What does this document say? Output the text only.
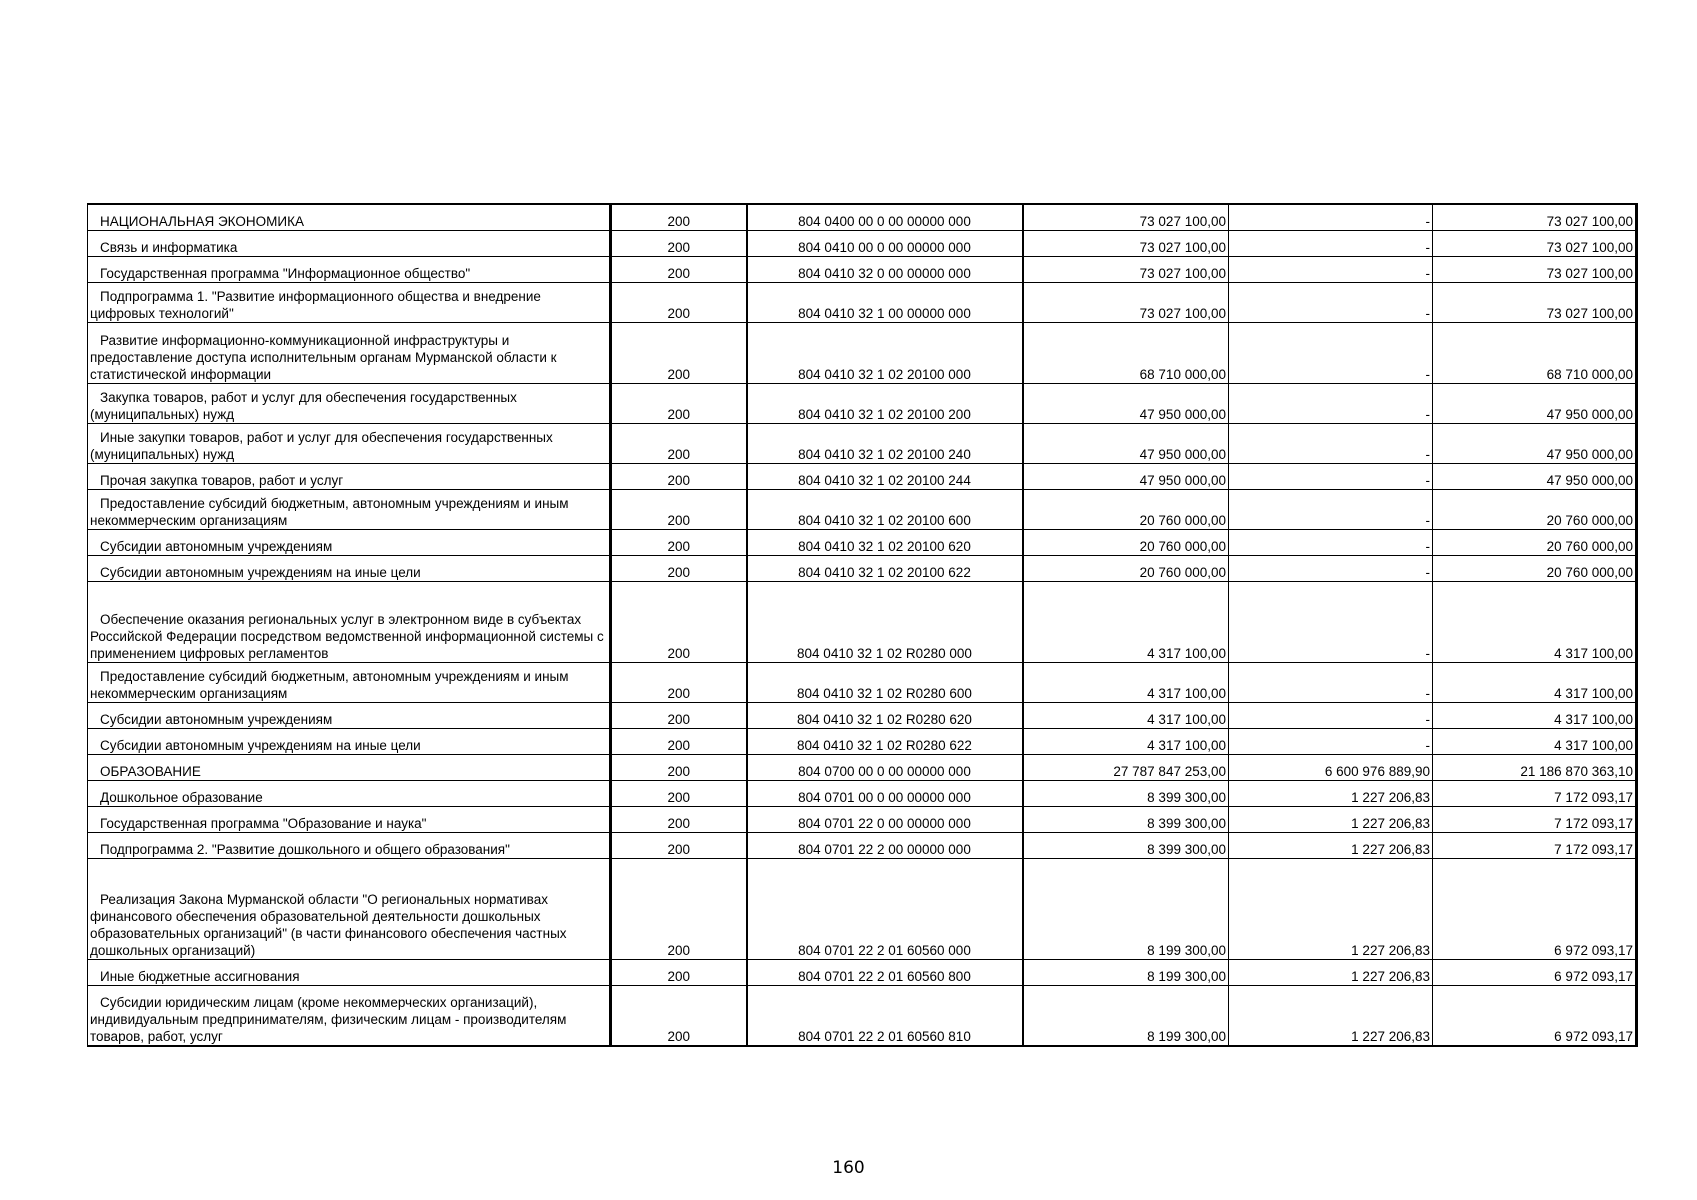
НАЦИОНАЛЬНАЯ ЭКОНОМИКА	200	804 0400 00 0 00 00000 000	73 027 100,00	-	73 027 100,00

Связь и информатика	200	804 0410 00 0 00 00000 000	73 027 100,00	-	73 027 100,00

Государственная программа "Информационное общество"	200	804 0410 32 0 00 00000 000	73 027 100,00	-	73 027 100,00

Подпрограмма 1. "Развитие информационного общества и внедрение цифровых технологий"	200	804 0410 32 1 00 00000 000	73 027 100,00	-	73 027 100,00

Развитие информационно-коммуникационной инфраструктуры и предоставление доступа исполнительным органам Мурманской области к статистической информации	200	804 0410 32 1 02 20100 000	68 710 000,00	-	68 710 000,00

Закупка товаров, работ и услуг для обеспечения государственных (муниципальных) нужд	200	804 0410 32 1 02 20100 200	47 950 000,00	-	47 950 000,00

Иные закупки товаров, работ и услуг для обеспечения государственных (муниципальных) нужд	200	804 0410 32 1 02 20100 240	47 950 000,00	-	47 950 000,00

Прочая закупка товаров, работ и услуг	200	804 0410 32 1 02 20100 244	47 950 000,00	-	47 950 000,00

Предоставление субсидий бюджетным, автономным учреждениям и иным некоммерческим организациям	200	804 0410 32 1 02 20100 600	20 760 000,00	-	20 760 000,00

Субсидии автономным учреждениям	200	804 0410 32 1 02 20100 620	20 760 000,00	-	20 760 000,00

Субсидии автономным учреждениям на иные цели	200	804 0410 32 1 02 20100 622	20 760 000,00	-	20 760 000,00

Обеспечение оказания региональных услуг в электронном виде в субъектах Российской Федерации посредством ведомственной информационной системы с применением цифровых регламентов	200	804 0410 32 1 02 R0280 000	4 317 100,00	-	4 317 100,00

Предоставление субсидий бюджетным, автономным учреждениям и иным некоммерческим организациям	200	804 0410 32 1 02 R0280 600	4 317 100,00	-	4 317 100,00

Субсидии автономным учреждениям	200	804 0410 32 1 02 R0280 620	4 317 100,00	-	4 317 100,00

Субсидии автономным учреждениям на иные цели	200	804 0410 32 1 02 R0280 622	4 317 100,00	-	4 317 100,00

ОБРАЗОВАНИЕ	200	804 0700 00 0 00 00000 000	27 787 847 253,00	6 600 976 889,90	21 186 870 363,10

Дошкольное образование	200	804 0701 00 0 00 00000 000	8 399 300,00	1 227 206,83	7 172 093,17

Государственная программа "Образование и наука"	200	804 0701 22 0 00 00000 000	8 399 300,00	1 227 206,83	7 172 093,17

Подпрограмма 2. "Развитие дошкольного и общего образования"	200	804 0701 22 2 00 00000 000	8 399 300,00	1 227 206,83	7 172 093,17

Реализация Закона Мурманской области "О региональных нормативах финансового обеспечения образовательной деятельности дошкольных образовательных организаций" (в части финансового обеспечения частных дошкольных организаций)	200	804 0701 22 2 01 60560 000	8 199 300,00	1 227 206,83	6 972 093,17

Иные бюджетные ассигнования	200	804 0701 22 2 01 60560 800	8 199 300,00	1 227 206,83	6 972 093,17

Субсидии юридическим лицам (кроме некоммерческих организаций), индивидуальным предпринимателям, физическим лицам - производителям товаров, работ, услуг	200	804 0701 22 2 01 60560 810	8 199 300,00	1 227 206,83	6 972 093,17
160
